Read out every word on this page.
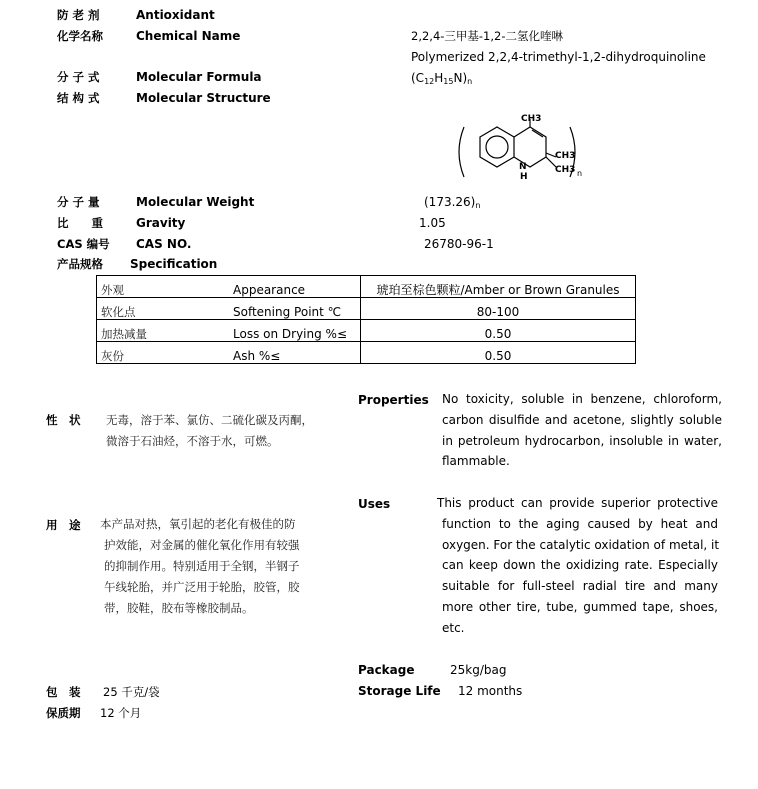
防 老 剂	Antioxidant
化学名称	Chemical Name	2,2,4-三甲基-1,2-二氢化喹啉
Polymerized 2,2,4-trimethyl-1,2-dihydroquinoline
分 子 式	Molecular Formula	$(C_{12}H_{15}N)_n$
结 构 式	Molecular Structure
CH3
CH3
CH3
N
H	n
分 子 量	Molecular Weight	$(173.26)_n$
比　　重	Gravity	1.05
CAS 编号 CAS NO.	26780-96-1
产品规格 Specification
外观	Appearance	琥珀至棕色颗粒/Amber or Brown Granules
软化点	Softening Point ℃	80-100
加热减量	Loss on Drying %≤	0.50
灰份	Ash %≤	0.50
性　状 无毒，溶于苯、氯仿、二硫化碳及丙酮，
微溶于石油烃，不溶于水，可燃。
Properties No toxicity, soluble in benzene, chloroform,
carbon disulfide and acetone, slightly soluble
in petroleum hydrocarbon, insoluble in water,
flammable.
用　途 本产品对热，氧引起的老化有极佳的防
护效能，对金属的催化氧化作用有较强
的抑制作用。特别适用于全钢，半钢子
午线轮胎，并广泛用于轮胎，胶管，胶
带，胶鞋，胶布等橡胶制品。
Uses	This product can provide superior protective
function to the aging caused by heat and
oxygen. For the catalytic oxidation of metal, it
can keep down the oxidizing rate. Especially
suitable for full-steel radial tire and many
more other tire, tube, gummed tape, shoes,
etc.
Package	25kg/bag
Storage Life 12 months
包　装 25 千克/袋
保质期 12 个月
